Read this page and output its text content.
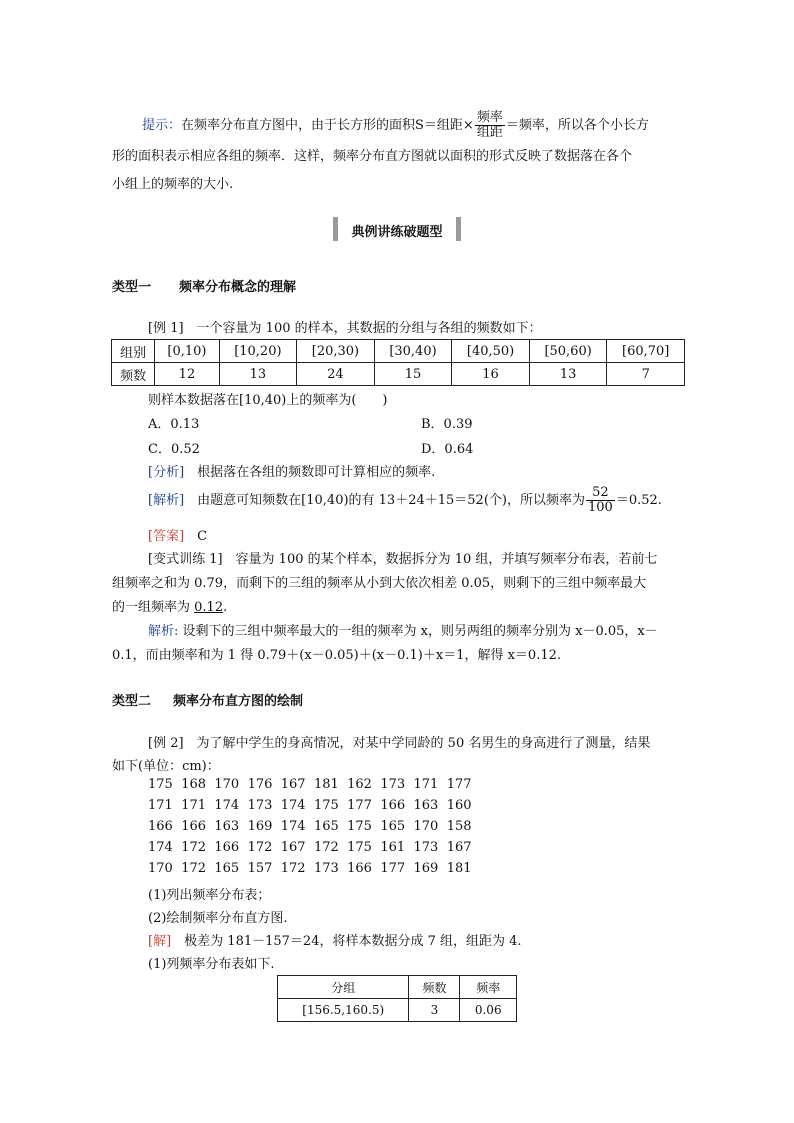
提示：在频率分布直方图中，由于长方形的面积S＝组距× $\frac{\text{频率}}{\text{组距}}$ ＝频率，所以各个小长方
形的面积表示相应各组的频率．这样，频率分布直方图就以面积的形式反映了数据落在各个
小组上的频率的大小.
典例讲练破题型
类型一 频率分布概念的理解
[例 1]　一个容量为 100 的样本，其数据的分组与各组的频数如下：
组别	[0,10)	[10,20)	[20,30)	[30,40)	[40,50)	[50,60)	[60,70]
频数	12	13	24	15	16	13	7
则样本数据落在[10,40)上的频率为(　　)
A．0.13	B．0.39
C．0.52	D．0.64
[分析]　 根据落在各组的频数即可计算相应的频率.
[解析]　 由题意可知频数在[10,40)的有 13＋24＋15＝52(个)，所以频率为 $\frac{52}{100} =0.52$.
[答案]　 C
[变式训练 1]　容量为 100 的某个样本，数据拆分为 10 组，并填写频率分布表，若前七
组频率之和为 0.79，而剩下的三组的频率从小到大依次相差 0.05，则剩下的三组中频率最大
的一组频率为 0.12.
解析: 设剩下的三组中频率最大的一组的频率为 x，则另两组的频率分别为 x－0.05，x－
0.1，而由频率和为 1 得 0.79＋(x－0.05)＋(x－0.1)＋x＝1，解得 x＝0.12.
类型二 频率分布直方图的绘制
[例 2]　为了解中学生的身高情况，对某中学同龄的 50 名男生的身高进行了测量，结果
如下(单位：cm)：
175 168 170 176 167 181 162 173 171 177
171 171 174 173 174 175 177 166 163 160
166 166 163 169 174 165 175 165 170 158
174 172 166 172 167 172 175 161 173 167
170 172 165 157 172 173 166 177 169 181
(1)列出频率分布表；
(2)绘制频率分布直方图.
[解]　 极差为 181－157＝24，将样本数据分成 7 组，组距为 4.
(1)列频率分布表如下.
分组	频数	频率
[156.5,160.5)	3	0.06
